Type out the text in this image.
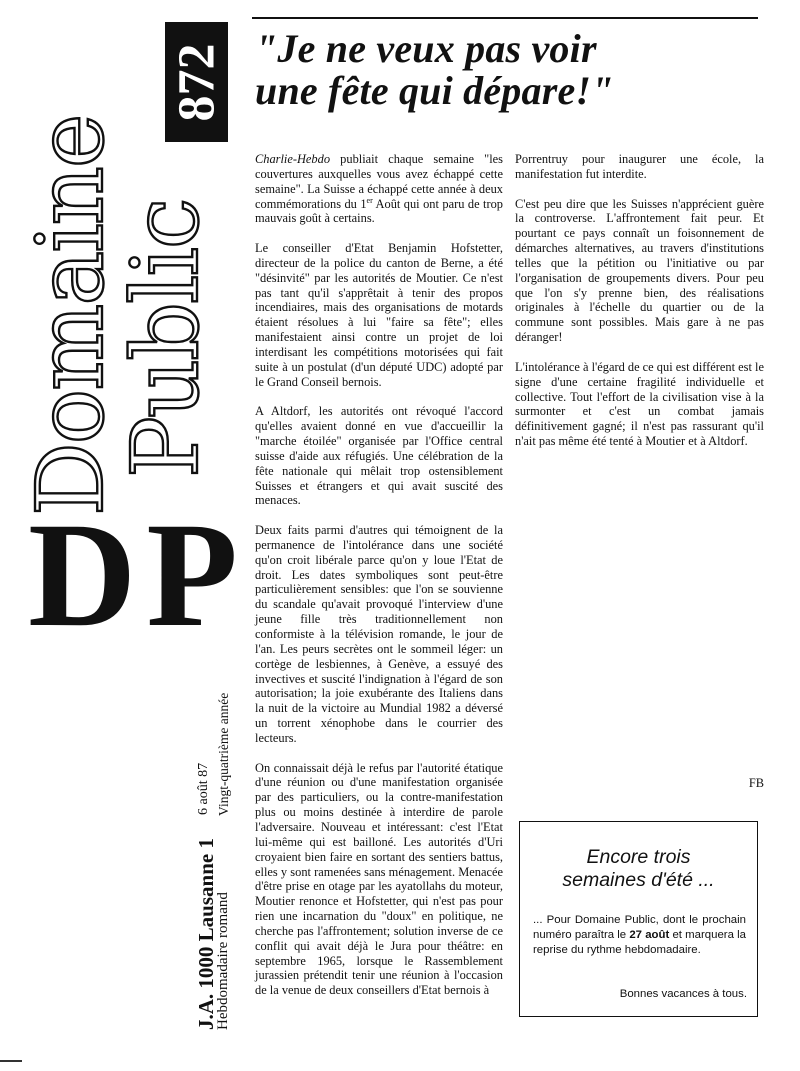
Domaine
Public
872
DP
J.A. 1000 Lausanne 1
6 août 87
Hebdomadaire romand
Vingt-quatrième année
"Je ne veux pas voir
une fête qui dépare!"

Charlie-Hebdo publiait chaque semaine "les couvertures auxquelles vous avez échappé cette semaine". La Suisse a échappé cette année à deux commémorations du 1er Août qui ont paru de trop mauvais goût à certains.

Le conseiller d'Etat Benjamin Hofstetter, directeur de la police du canton de Berne, a été "désinvité" par les autorités de Moutier. Ce n'est pas tant qu'il s'apprêtait à tenir des propos incendiaires, mais des organisations de motards étaient résolues à lui "faire sa fête"; elles manifestaient ainsi contre un projet de loi interdisant les compétitions motorisées qui fait suite à un postulat (d'un député UDC) adopté par le Grand Conseil bernois.

A Altdorf, les autorités ont révoqué l'accord qu'elles avaient donné en vue d'accueillir la "marche étoilée" organisée par l'Office central suisse d'aide aux réfugiés. Une célébration de la fête nationale qui mêlait trop ostensiblement Suisses et étrangers et qui avait suscité des menaces.

Deux faits parmi d'autres qui témoignent de la permanence de l'intolérance dans une société qu'on croit libérale parce qu'on y loue l'Etat de droit. Les dates symboliques sont peut-être particulièrement sensibles: que l'on se souvienne du scandale qu'avait provoqué l'interview d'une jeune fille très traditionnellement non conformiste à la télévision romande, le jour de l'an. Les peurs secrètes ont le sommeil léger: un cortège de lesbiennes, à Genève, a essuyé des invectives et suscité l'indignation à l'égard de son autorisation; la joie exubérante des Italiens dans la nuit de la victoire au Mundial 1982 a déversé un torrent xénophobe dans le courrier des lecteurs.

On connaissait déjà le refus par l'autorité étatique d'une réunion ou d'une manifestation organisée par des particuliers, ou la contre-manifestation plus ou moins destinée à interdire de parole l'adversaire. Nouveau et intéressant: c'est l'Etat lui-même qui est bailloné. Les autorités d'Uri croyaient bien faire en sortant des sentiers battus, elles y sont ramenées sans ménagement. Menacée d'être prise en otage par les ayatollahs du moteur, Moutier renonce et Hofstetter, qui n'est pas pour rien une incarnation du "doux" en politique, ne cherche pas l'affrontement; solution inverse de ce conflit qui avait déjà le Jura pour théâtre: en septembre 1965, lorsque le Rassemblement jurassien prétendit tenir une réunion à l'occasion de la venue de deux conseillers d'Etat bernois à

Porrentruy pour inaugurer une école, la manifestation fut interdite.

C'est peu dire que les Suisses n'apprécient guère la controverse. L'affrontement fait peur. Et pourtant ce pays connaît un foisonnement de démarches alternatives, au travers d'institutions telles que la pétition ou l'initiative ou par l'organisation de groupements divers. Pour peu que l'on s'y prenne bien, des réalisations originales à l'échelle du quartier ou de la commune sont possibles. Mais gare à ne pas déranger!

L'intolérance à l'égard de ce qui est différent est le signe d'une certaine fragilité individuelle et collective. Tout l'effort de la civilisation vise à la surmonter et c'est un combat jamais définitivement gagné; il n'est pas rassurant qu'il n'ait pas même été tenté à Moutier et à Altdorf.

FB
Encore trois
semaines d'été ...

... Pour Domaine Public, dont le prochain numéro paraîtra le 27 août et marquera la reprise du rythme hebdomadaire.

Bonnes vacances à tous.
